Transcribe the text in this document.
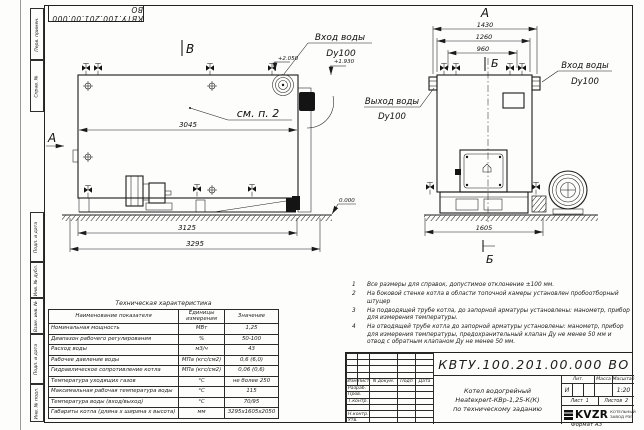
Перв. примен.
Справ. №
Подп. и дата
Инв. № дубл.
Взам. инв. №
Подп. и дата
Инв. № подл.
КВТУ.100.201.00.000 ВО
см. п. 2
3045
3125
3295
0.000
А
В
Вход воды
Dy100
+2.050	+1.930
А
1430
1260
960
Б
1605
Б
Выход воды
Dy100
Вход воды
Dy100
1	Все размеры для справок, допустимое отклонение ±100 мм.
2	На боковой стенке котла в области топочной камеры установлен пробоотборный штуцер
3	На подводящей трубе котла, до запорной арматуры установлены: манометр, прибор для измерения температуры.
4	На отводящей трубе котла до запорной арматуры установлены: манометр, прибор для измерения температуры, предохранительный клапан Ду не менее 50 мм и отвод с обратным клапаном Ду не менее 50 мм.
Техническая характеристика
Наименование показателя	Единицы измерения	Значение
Номинальная мощность	МВт	1,25
Диапазон рабочего регулирования	%	50-100
Расход воды	м3/ч	43
Рабочее давление воды	МПа (кгс/см2)	0,6 (6,0)
Гидравлическое сопротивление котла	МПа (кгс/см2)	0,06 (0,6)
Температура уходящих газов	°С	не более 250
Максимальная рабочая температура воды	°С	115
Температура воды (вход/выход)	°С	70/95
Габариты котла (длина х ширина х высота)	мм	3295х1605х2050
Изм Лист N докум.	Подп	Дата
Разраб.
Пров.
Т.контр.
Н.контр.
Утв.
КВТУ.100.201.00.000 ВО
Котел водогрейный
Heatexpert-КВр-1,25-К(К)
по техническому заданию
Лит.	Масса Масштаб
И	1:20
Лист 1	Листов 2
KVZR КОТЕЛЬНЫЙ
ЗАВОД РЭП
Формат А3
